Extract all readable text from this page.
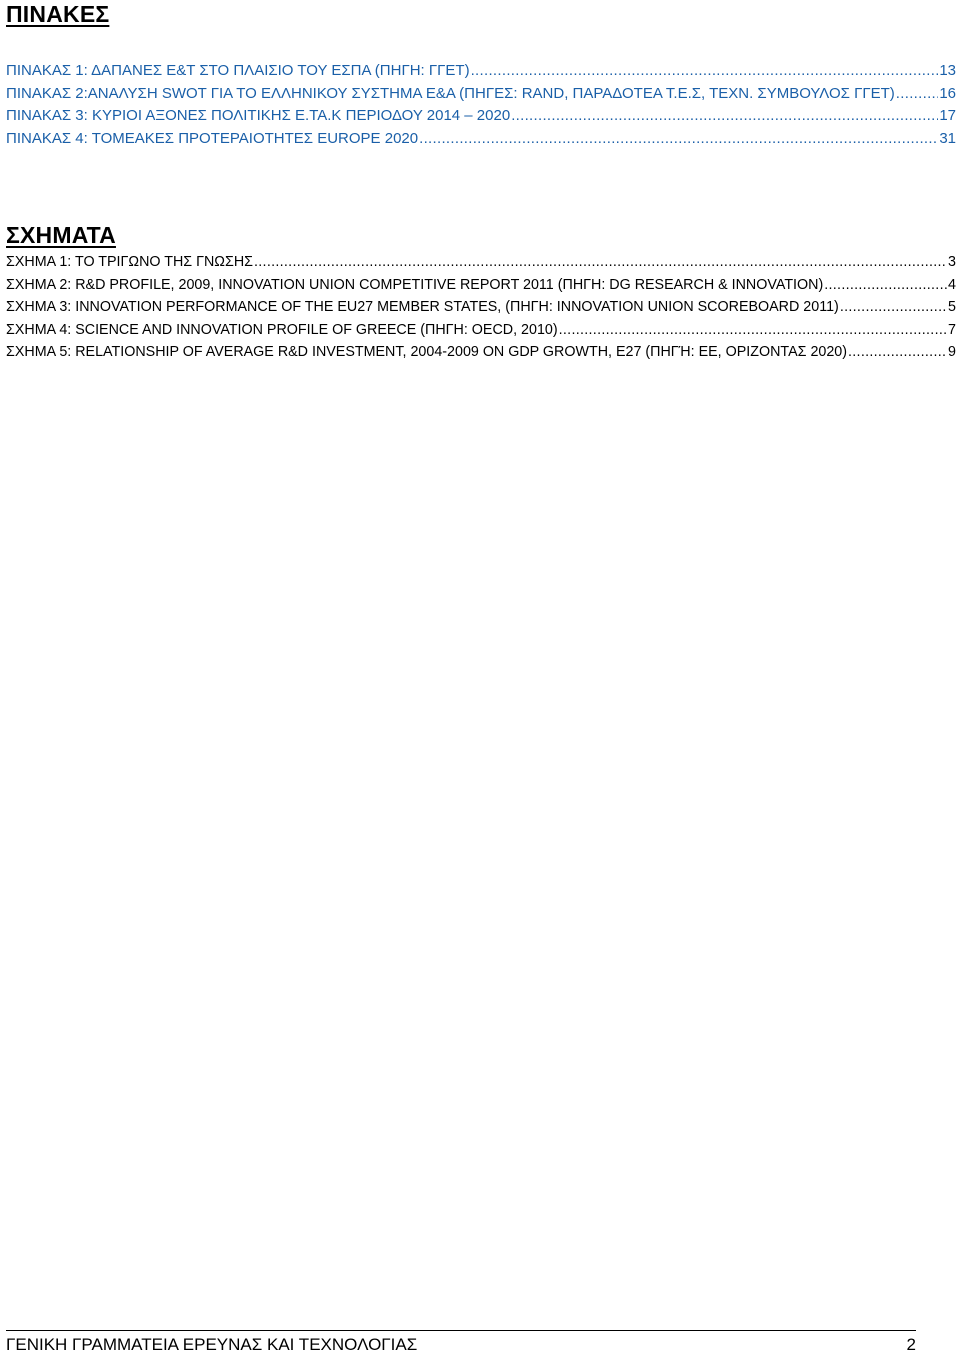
ΠΙΝΑΚΕΣ
ΠΙΝΑΚΑΣ 1: ΔΑΠΑΝΕΣ Ε&Τ ΣΤΟ ΠΛΑΙΣΙΟ ΤΟΥ ΕΣΠΑ (ΠΗΓΗ: ΓΓΕΤ) .....	13
ΠΙΝΑΚΑΣ 2:ΑΝΑΛΥΣΗ SWOT ΓΙΑ ΤΟ ΕΛΛΗΝΙΚΟΥ ΣΥΣΤΗΜΑ Ε&Α (ΠΗΓΕΣ: RAND, ΠΑΡΑΔΟΤΕΑ Τ.Ε.Σ, ΤΕΧΝ. ΣΥΜΒΟΥΛΟΣ ΓΓΕΤ) .....	16
ΠΙΝΑΚΑΣ 3: ΚΥΡΙΟΙ ΑΞΟΝΕΣ ΠΟΛΙΤΙΚΗΣ Ε.ΤΑ.Κ ΠΕΡΙΟΔΟΥ 2014 – 2020 .....	17
ΠΙΝΑΚΑΣ 4: ΤΟΜΕΑΚΕΣ ΠΡΟΤΕΡΑΙΟΤΗΤΕΣ EUROPE 2020 .....	31
ΣΧΗΜΑΤΑ
ΣΧΗΜΑ 1: ΤΟ ΤΡΙΓΩΝΟ ΤΗΣ ΓΝΩΣΗΣ .....	3
ΣΧΗΜΑ 2: R&D PROFILE, 2009, INNOVATION UNION COMPETITIVE REPORT 2011 (ΠΗΓΗ: DG RESEARCH & INNOVATION) .....	4
ΣΧΗΜΑ 3: INNOVATION PERFORMANCE OF THE EU27 MEMBER STATES, (ΠΗΓΗ: INNOVATION UNION SCOREBOARD 2011) .....	5
ΣΧΗΜΑ 4: SCIENCE AND INNOVATION PROFILE OF GREECE (ΠΗΓΗ: OECD, 2010) .....	7
ΣΧΗΜΑ 5: RELATIONSHIP OF AVERAGE R&D INVESTMENT, 2004-2009 ON GDP GROWTH, E27 (ΠΗΓΉ: ΕΕ, ΟΡΙΖΟΝΤΑΣ 2020) .....	9
ΓΕΝΙΚΗ ΓΡΑΜΜΑΤΕΙΑ ΕΡΕΥΝΑΣ ΚΑΙ ΤΕΧΝΟΛΟΓΙΑΣ	2
